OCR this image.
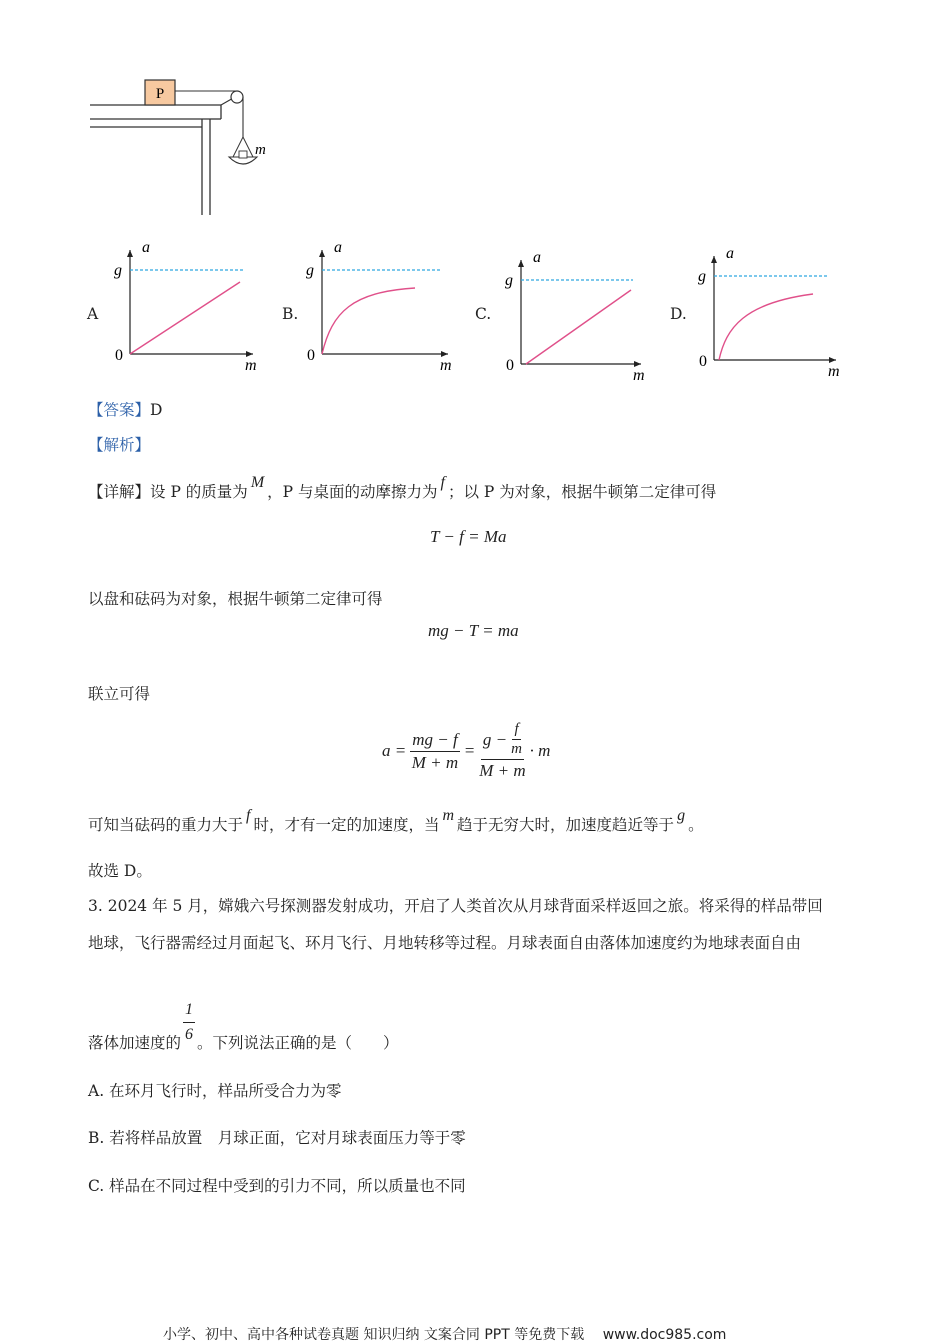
P
m
a
g
0
m
A
a
g
0
m
B.
a
g
0
m
C.
a
g
0
m
D.
【答案】D
【解析】
【详解】设 P 的质量为M，P 与桌面的动摩擦力为f；以 P 为对象，根据牛顿第二定律可得
T − f = Ma
以盘和砝码为对象，根据牛顿第二定律可得
mg − T = ma
联立可得
$a = \frac{mg - f}{M + m} = \frac{g - \frac{f}{m}}{M + m} \cdot m$
可知当砝码的重力大于f时，才有一定的加速度，当m趋于无穷大时，加速度趋近等于g。
故选 D。
3. 2024 年 5 月，嫦娥六号探测器发射成功，开启了人类首次从月球背面采样返回之旅。将采得的样品带回
地球，飞行器需经过月面起飞、环月飞行、月地转移等过程。月球表面自由落体加速度约为地球表面自由
落体加速度的 $\frac{1}{6}$ 。下列说法正确的是（　　）
A. 在环月飞行时，样品所受合力为零
B. 若将样品放置　月球正面，它对月球表面压力等于零
C. 样品在不同过程中受到的引力不同，所以质量也不同
小学、初中、高中各种试卷真题 知识归纳 文案合同 PPT 等免费下载 www.doc985.com
